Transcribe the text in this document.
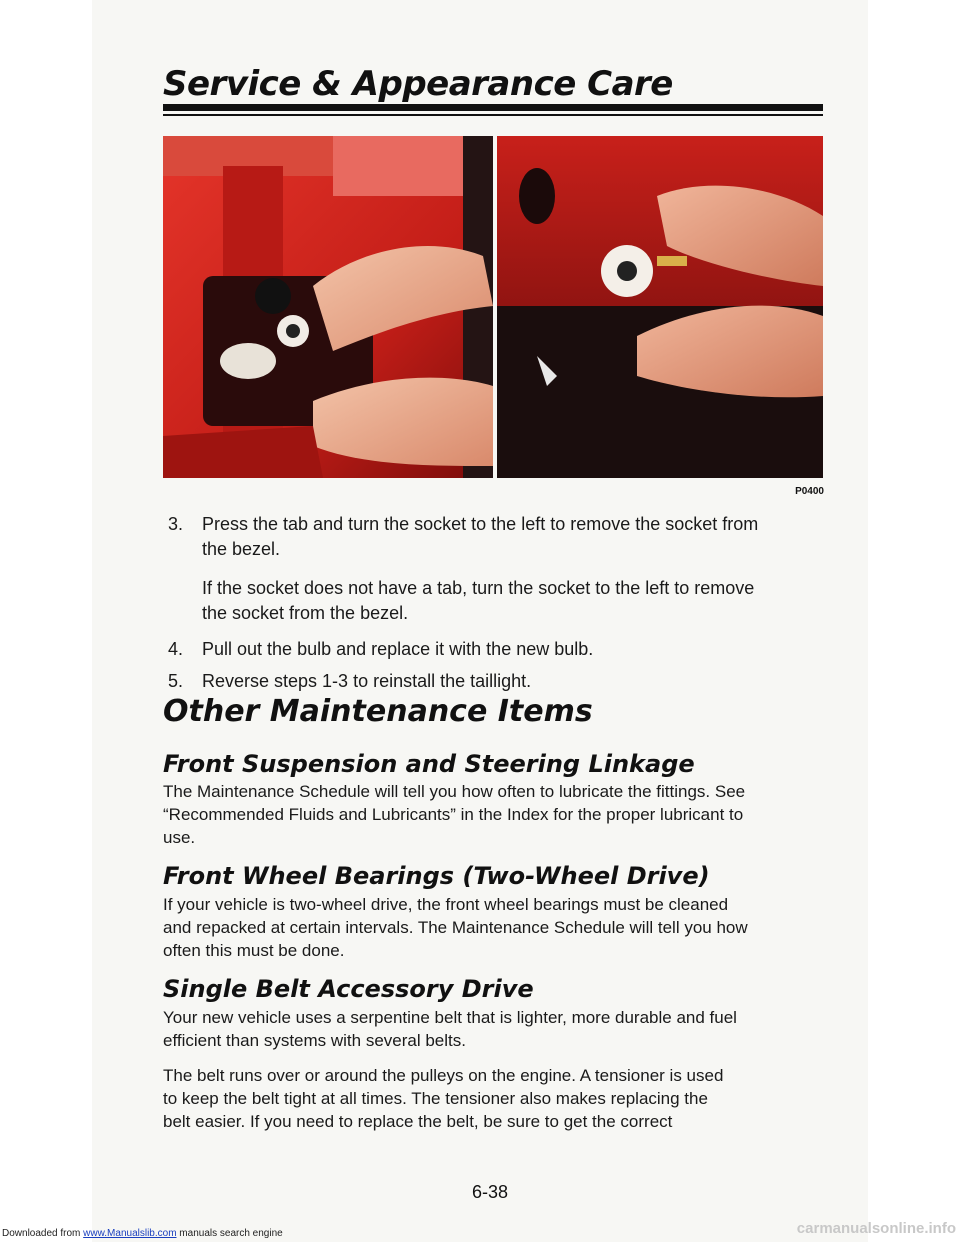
Service & Appearance Care
P0400
3. Press the tab and turn the socket to the left to remove the socket from
the bezel.
If the socket does not have a tab, turn the socket to the left to remove
the socket from the bezel.
4. Pull out the bulb and replace it with the new bulb.
5. Reverse steps 1-3 to reinstall the taillight.
Other Maintenance Items
Front Suspension and Steering Linkage
The Maintenance Schedule will tell you how often to lubricate the fittings. See
“Recommended Fluids and Lubricants” in the Index for the proper lubricant to
use.
Front Wheel Bearings (Two-Wheel Drive)
If your vehicle is two-wheel drive, the front wheel bearings must be cleaned
and repacked at certain intervals. The Maintenance Schedule will tell you how
often this must be done.
Single Belt Accessory Drive
Your new vehicle uses a serpentine belt that is lighter, more durable and fuel
efficient than systems with several belts.
The belt runs over or around the pulleys on the engine. A tensioner is used
to keep the belt tight at all times. The tensioner also makes replacing the
belt easier. If you need to replace the belt, be sure to get the correct
6-38
Downloaded from www.Manualslib.com manuals search engine	carmanualsonline.info
